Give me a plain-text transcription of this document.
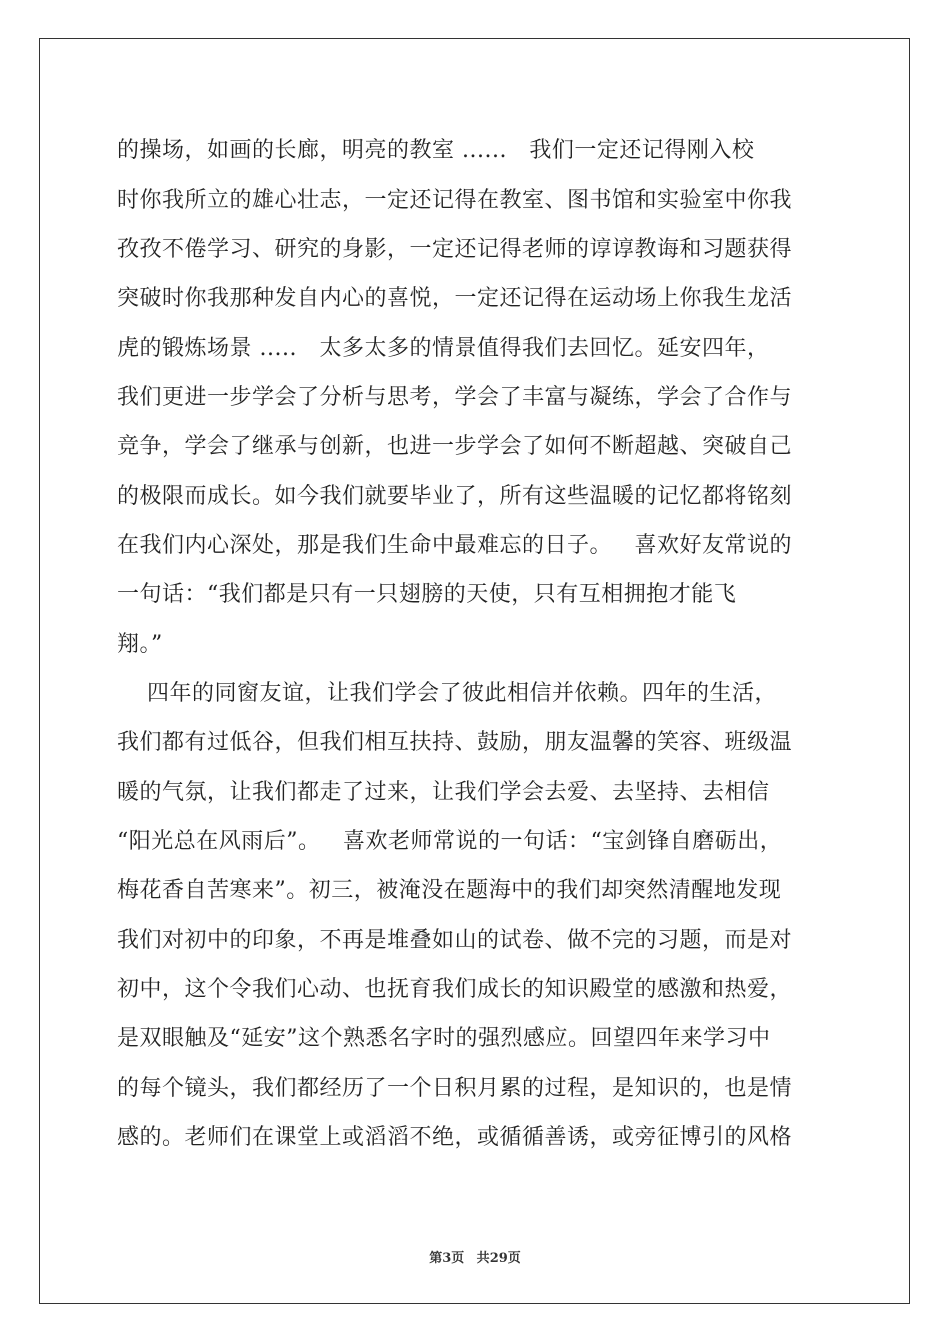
的操场，如画的长廊，明亮的教室 ......   我们一定还记得刚入校
时你我所立的雄心壮志，一定还记得在教室、图书馆和实验室中你我
孜孜不倦学习、研究的身影，一定还记得老师的谆谆教诲和习题获得
突破时你我那种发自内心的喜悦，一定还记得在运动场上你我生龙活
虎的锻炼场景 .....   太多太多的情景值得我们去回忆。延安四年，
我们更进一步学会了分析与思考，学会了丰富与凝练，学会了合作与
竞争，学会了继承与创新，也进一步学会了如何不断超越、突破自己
的极限而成长。如今我们就要毕业了，所有这些温暖的记忆都将铭刻
在我们内心深处，那是我们生命中最难忘的日子。   喜欢好友常说的
一句话：“我们都是只有一只翅膀的天使，只有互相拥抱才能飞
翔。”
四年的同窗友谊，让我们学会了彼此相信并依赖。四年的生活，
我们都有过低谷，但我们相互扶持、鼓励，朋友温馨的笑容、班级温
暖的气氛，让我们都走了过来，让我们学会去爱、去坚持、去相信
“阳光总在风雨后”。   喜欢老师常说的一句话：“宝剑锋自磨砺出，
梅花香自苦寒来”。初三，被淹没在题海中的我们却突然清醒地发现
我们对初中的印象，不再是堆叠如山的试卷、做不完的习题，而是对
初中，这个令我们心动、也抚育我们成长的知识殿堂的感激和热爱，
是双眼触及“延安”这个熟悉名字时的强烈感应。回望四年来学习中
的每个镜头，我们都经历了一个日积月累的过程，是知识的，也是情
感的。老师们在课堂上或滔滔不绝，或循循善诱，或旁征博引的风格
第3页 共29页
